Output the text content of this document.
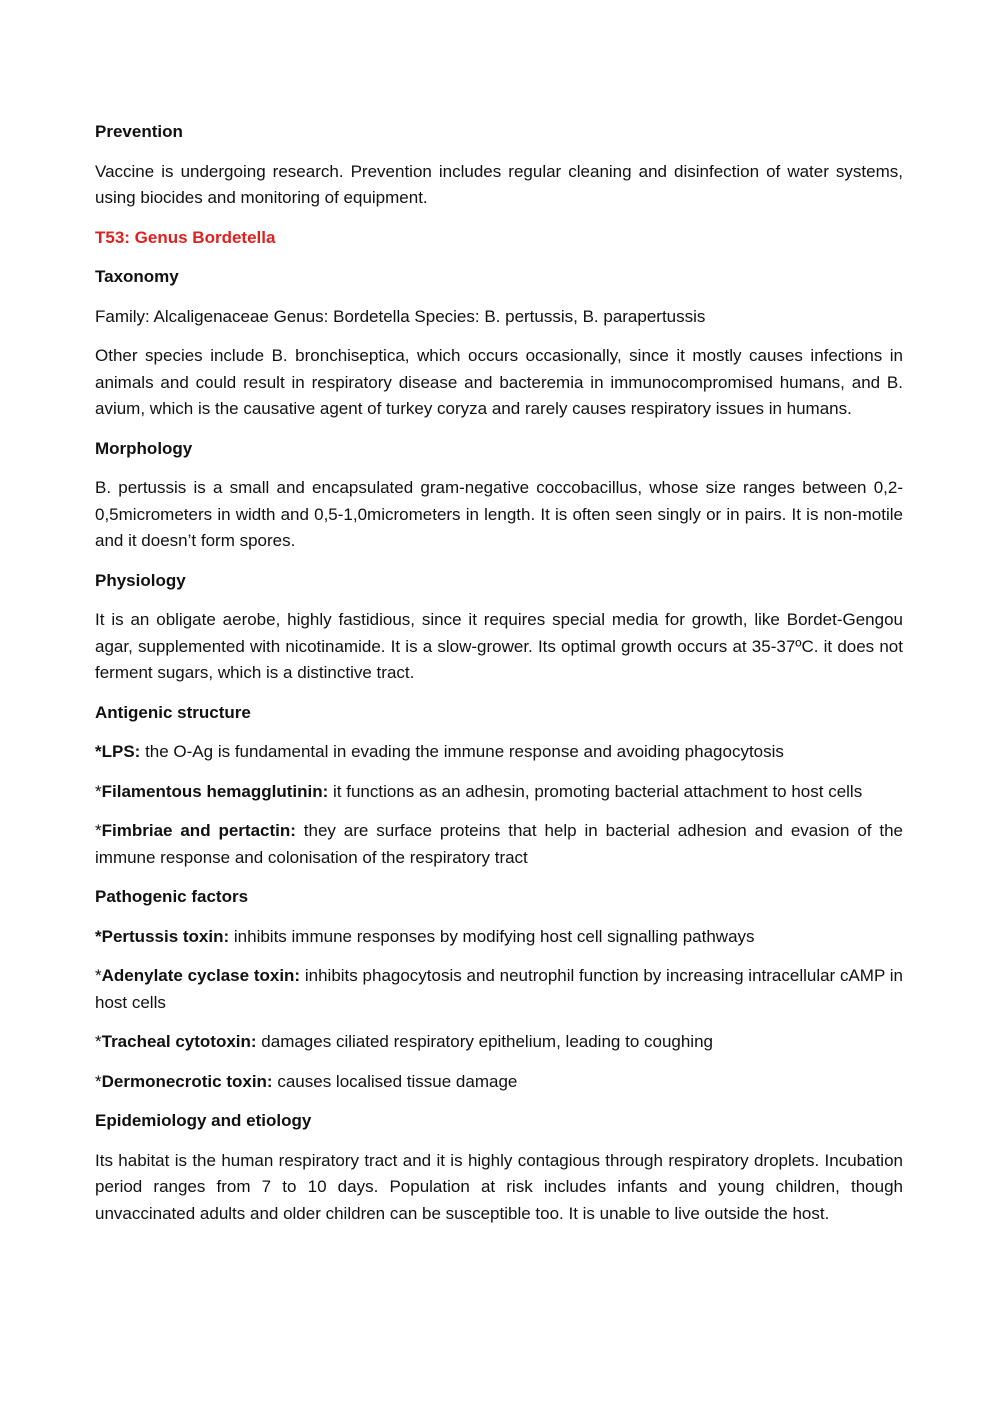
Prevention

Vaccine is undergoing research. Prevention includes regular cleaning and disinfection of water systems, using biocides and monitoring of equipment.

T53: Genus Bordetella

Taxonomy

Family: Alcaligenaceae Genus: Bordetella Species: B. pertussis, B. parapertussis

Other species include B. bronchiseptica, which occurs occasionally, since it mostly causes infections in animals and could result in respiratory disease and bacteremia in immunocompromised humans, and B. avium, which is the causative agent of turkey coryza and rarely causes respiratory issues in humans.

Morphology

B. pertussis is a small and encapsulated gram-negative coccobacillus, whose size ranges between 0,2-0,5micrometers in width and 0,5-1,0micrometers in length. It is often seen singly or in pairs. It is non-motile and it doesn’t form spores.

Physiology

It is an obligate aerobe, highly fastidious, since it requires special media for growth, like Bordet-Gengou agar, supplemented with nicotinamide. It is a slow-grower. Its optimal growth occurs at 35-37ºC. it does not ferment sugars, which is a distinctive tract.

Antigenic structure

*LPS: the O-Ag is fundamental in evading the immune response and avoiding phagocytosis

*Filamentous hemagglutinin: it functions as an adhesin, promoting bacterial attachment to host cells

*Fimbriae and pertactin: they are surface proteins that help in bacterial adhesion and evasion of the immune response and colonisation of the respiratory tract

Pathogenic factors

*Pertussis toxin: inhibits immune responses by modifying host cell signalling pathways

*Adenylate cyclase toxin: inhibits phagocytosis and neutrophil function by increasing intracellular cAMP in host cells

*Tracheal cytotoxin: damages ciliated respiratory epithelium, leading to coughing

*Dermonecrotic toxin: causes localised tissue damage

Epidemiology and etiology

Its habitat is the human respiratory tract and it is highly contagious through respiratory droplets. Incubation period ranges from 7 to 10 days. Population at risk includes infants and young children, though unvaccinated adults and older children can be susceptible too. It is unable to live outside the host.
